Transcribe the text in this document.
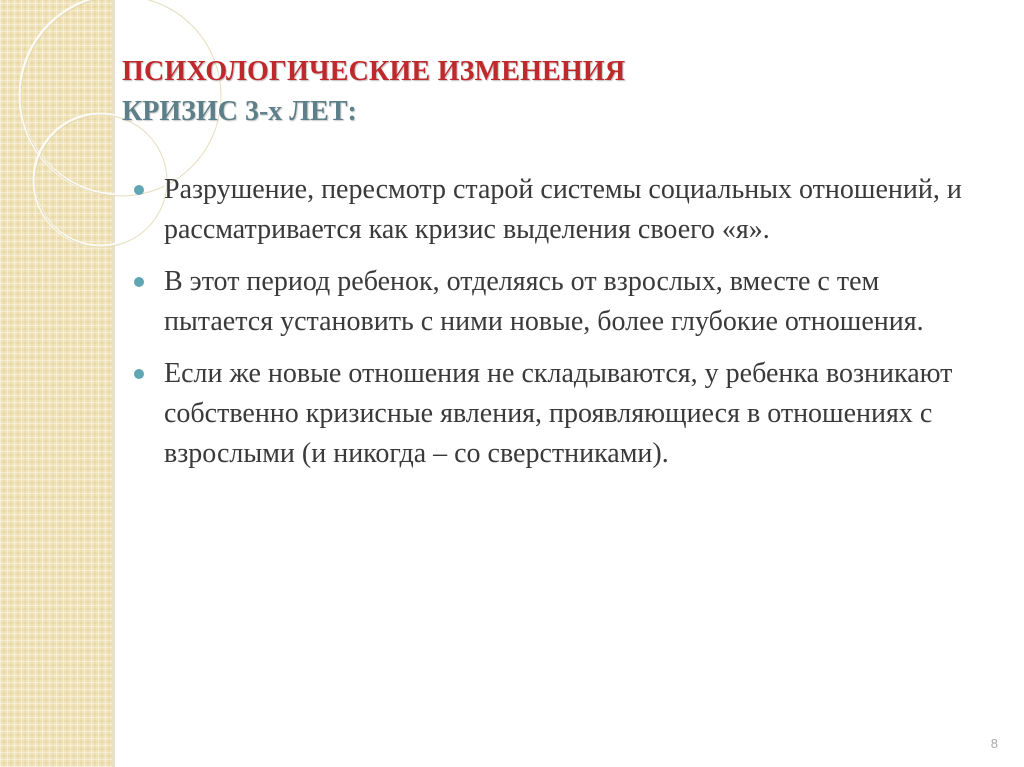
ПСИХОЛОГИЧЕСКИЕ ИЗМЕНЕНИЯ
КРИЗИС 3-х ЛЕТ:
Разрушение, пересмотр старой системы социальных отношений, и рассматривается как кризис выделения своего «я».
В этот период ребенок, отделяясь от взрослых, вместе с тем пытается установить с ними новые, более глубокие отношения.
Если же новые отношения не складываются, у ребенка возникают собственно кризисные явления, проявляющиеся в отношениях с взрослыми (и никогда – со сверстниками).
8
